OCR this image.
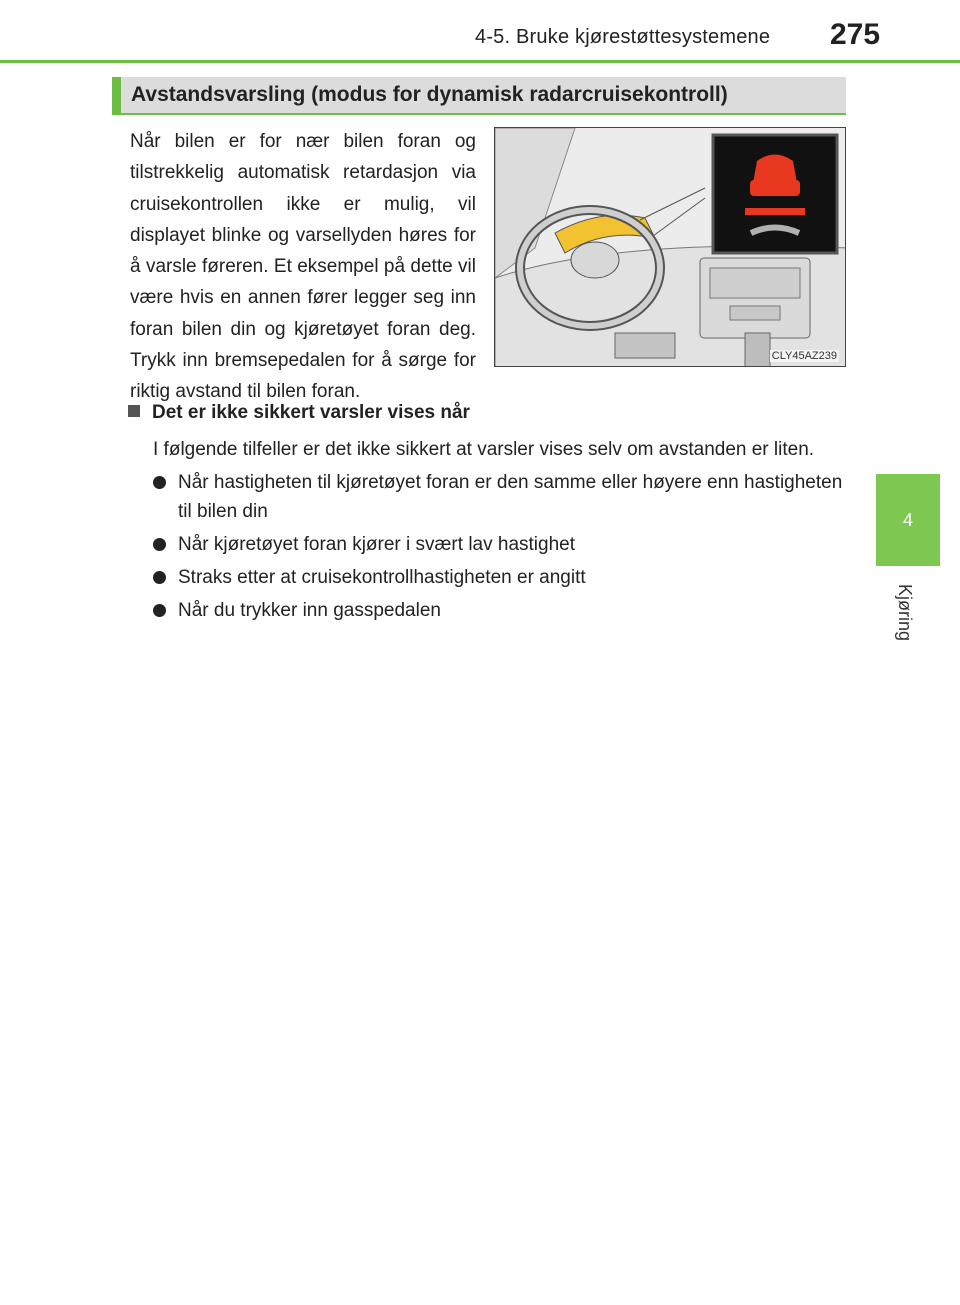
4-5. Bruke kjørestøttesystemene 275
4
Kjøring
Avstandsvarsling (modus for dynamisk radarcruisekontroll)

Når bilen er for nær bilen foran og tilstrekkelig automatisk retardasjon via cruisekontrollen ikke er mulig, vil displayet blinke og varsellyden høres for å varsle føreren. Et eksempel på dette vil være hvis en annen fører legger seg inn foran bilen din og kjøretøyet foran deg. Trykk inn bremsepedalen for å sørge for riktig avstand til bilen foran.

CLY45AZ239
Det er ikke sikkert varsler vises når

I følgende tilfeller er det ikke sikkert at varsler vises selv om avstanden er liten.

Når hastigheten til kjøretøyet foran er den samme eller høyere enn hastigheten til bilen din
Når kjøretøyet foran kjører i svært lav hastighet
Straks etter at cruisekontrollhastigheten er angitt
Når du trykker inn gasspedalen
